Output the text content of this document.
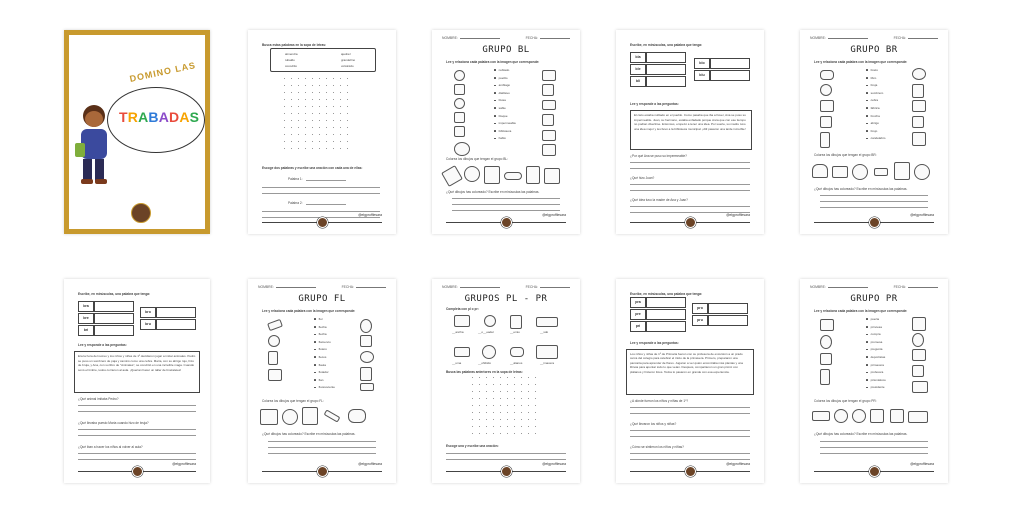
DOMINO LAS
TRABADAS
Busca estas palabras en la sopa de letras:
almendra	ajedrez
tubaldo	grandefino
cocodrilo	volcánido
Escoge dos palabras y escribe una oración con cada una de ellas:
Palabra 1:
Palabra 2:
@elgprofflesara
NOMBRE:	FECHA:
GRUPO BL
Lee y relaciona cada palabra con la imagen que corresponde:
nublado
pueblo
amblago
diablavo
blusa
sable
bloque
impermeable
biblioteca
hablo
Colorea los dibujos que tengan el grupo BL:
¿Qué dibujos has coloreado? Escribe en minúsculas las palabras.
@elgprofflesara
Escribe, en minúsculas, una palabra que tenga:
bla
ble
bli
blo
blu
Lee y responde a las preguntas:
El cielo estaba nublado en el pueblo. Como pasaba que iba a llover, Ana se puso su impermeable. Juan, su hermano, estaba enfadado porque creía que con ese tiempo no podían divertirse. Entonces, empezó a tener una idea. Por suerte, su madre tuvo una idea mejor y les llevó a la biblioteca municipal. ¡Allí pasaron una tarde increíble!
¿Por qué Ana se puso su impermeable?
¿Qué hizo Juan?
¿Qué idea tuvo la madre de Ana y Juan?
@elgprofflesara
NOMBRE:	FECHA:
GRUPO BR
Lee y relaciona cada palabra con la imagen que corresponde:
brazo
libro
bruja
sombrero
cebra
fábrica
brocha
abrigo
brujo
candelabro
Colorea los dibujos que tengan el grupo BR:
¿Qué dibujos has coloreado? Escribe en minúsculas las palabras.
@elgprofflesara
Escribe, en minúsculas, una palabra que tenga:
bra
bre
bri
bro
bru
Lee y responde a las preguntas:
Era la hora del recreo y los niños y niñas de 1º decidieron jugar a imitar animales. Pedro se puso un sombrero de paja y caminó como una cebra. María, con su abrigo rojo, hizo de bruja, y Ana, con su libro de "Animales", se convirtió en una increíble maga. Cuando sonó el timbre, todos corrieron al aula. ¡Querían hacer un taller de brazaletes!
¿Qué animal imitaba Pedro?
¿Qué llevaba puesto María cuando hizo de bruja?
¿Qué iban a hacer los niños al volver al aula?
@elgprofflesara
NOMBRE:	FECHA:
GRUPO FL
Lee y relaciona cada palabra con la imagen que corresponde:
flor
flecha
flecha
flamenco
flotero
flecos
flauta
flotador
flan
fluorescente
Colorea los dibujos que tengan el grupo FL:
¿Qué dibujos has coloreado? Escribe en minúsculas las palabras.
@elgprofflesara
NOMBRE:	FECHA:
GRUPOS PL - PR
Completa con pl o pr:
__ancha	__o__eader	__emio	__sdo
__uma	__ohibido	__átanos	__imavera
Busca las palabras anteriores en la sopa de letras:
Escoge una y escribe una oración:
@elgprofflesara
Escribe, en minúsculas, una palabra que tenga:
pra
pre
pri
pro
pru
Lee y responde a las preguntas:
Los niños y niñas de 1º de Primaria fueron con su profesora de excursión a un prado cerca del colegio para celebrar el inicio de la primavera. Primero, prepararon una pancarta para aprender de flores. Jugaron a ver quién encontraba más plantas y una libreta para apuntar todo lo que veían. Después, compartieron un gran pícnic con plátanos y hicieron fotos. Todos lo pasaron en grande con esa experiencia.
¿A dónde fueron los niños y niñas de 1º?
¿Qué llevaron los niños y niñas?
¿Cómo se sintieron los niños y niñas?
@elgprofflesara
NOMBRE:	FECHA:
GRUPO PR
Lee y relaciona cada palabra con la imagen que corresponde:
puerta
princesa
compra
promesa
pregunta
deportistas
primavera
profesora
prismáticos
presidente
Colorea los dibujos que tengan el grupo PR:
¿Qué dibujos has coloreado? Escribe en minúsculas las palabras.
@elgprofflesara
